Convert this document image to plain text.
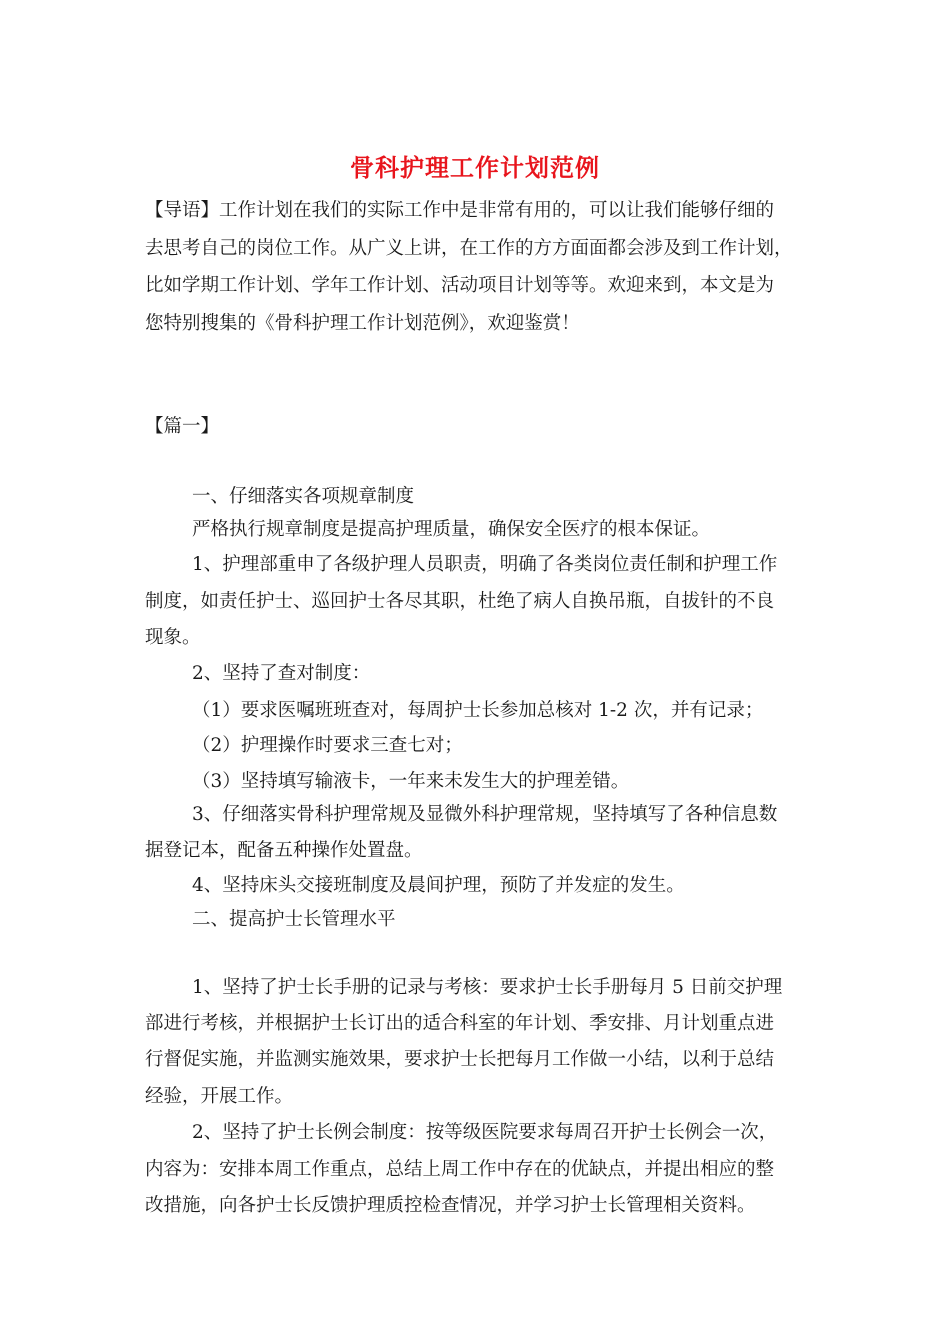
骨科护理工作计划范例

【导语】工作计划在我们的实际工作中是非常有用的，可以让我们能够仔细的

去思考自己的岗位工作。从广义上讲，在工作的方方面面都会涉及到工作计划，

比如学期工作计划、学年工作计划、活动项目计划等等。欢迎来到，本文是为

您特别搜集的《骨科护理工作计划范例》，欢迎鉴赏！

【篇一】

一、仔细落实各项规章制度

严格执行规章制度是提高护理质量，确保安全医疗的根本保证。

1、护理部重申了各级护理人员职责，明确了各类岗位责任制和护理工作

制度，如责任护士、巡回护士各尽其职，杜绝了病人自换吊瓶，自拔针的不良

现象。

2、坚持了查对制度：

（1）要求医嘱班班查对，每周护士长参加总核对 1-2 次，并有记录；

（2）护理操作时要求三查七对；

（3）坚持填写输液卡，一年来未发生大的护理差错。

3、仔细落实骨科护理常规及显微外科护理常规，坚持填写了各种信息数

据登记本，配备五种操作处置盘。

4、坚持床头交接班制度及晨间护理，预防了并发症的发生。

二、提高护士长管理水平

1、坚持了护士长手册的记录与考核：要求护士长手册每月 5 日前交护理

部进行考核，并根据护士长订出的适合科室的年计划、季安排、月计划重点进

行督促实施，并监测实施效果，要求护士长把每月工作做一小结，以利于总结

经验，开展工作。

2、坚持了护士长例会制度：按等级医院要求每周召开护士长例会一次，

内容为：安排本周工作重点，总结上周工作中存在的优缺点，并提出相应的整

改措施，向各护士长反馈护理质控检查情况，并学习护士长管理相关资料。
